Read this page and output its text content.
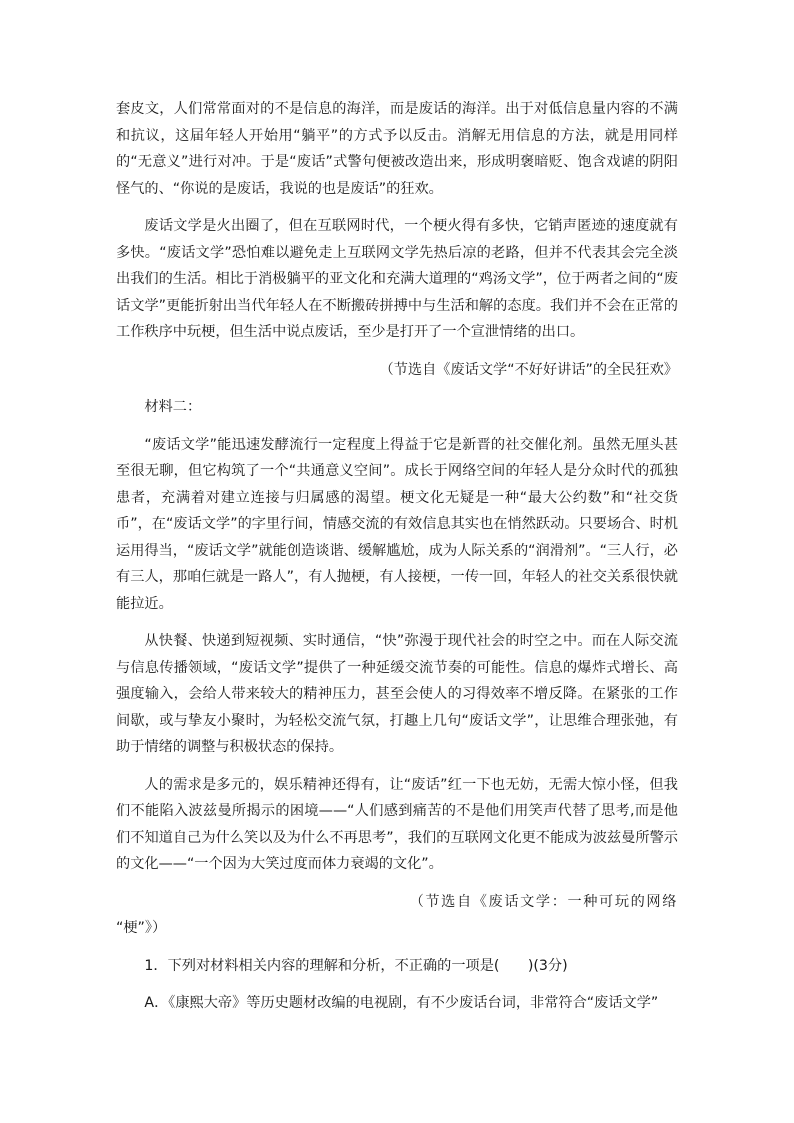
套皮文，人们常常面对的不是信息的海洋，而是废话的海洋。出于对低信息量内容的不满和抗议，这届年轻人开始用“躺平”的方式予以反击。消解无用信息的方法，就是用同样的“无意义”进行对冲。于是“废话”式警句便被改造出来，形成明褒暗贬、饱含戏谑的阴阳怪气的、“你说的是废话，我说的也是废话”的狂欢。

废话文学是火出圈了，但在互联网时代，一个梗火得有多快，它销声匿迹的速度就有多快。“废话文学”恐怕难以避免走上互联网文学先热后凉的老路，但并不代表其会完全淡出我们的生活。相比于消极躺平的亚文化和充满大道理的“鸡汤文学”，位于两者之间的“废话文学”更能折射出当代年轻人在不断搬砖拼搏中与生活和解的态度。我们并不会在正常的工作秩序中玩梗，但生活中说点废话，至少是打开了一个宣泄情绪的出口。

（节选自《废话文学“不好好讲话”的全民狂欢》

材料二：

“废话文学”能迅速发酵流行一定程度上得益于它是新晋的社交催化剂。虽然无厘头甚至很无聊，但它构筑了一个“共通意义空间”。成长于网络空间的年轻人是分众时代的孤独患者，充满着对建立连接与归属感的渴望。梗文化无疑是一种“最大公约数”和“社交货币”，在“废话文学”的字里行间，情感交流的有效信息其实也在悄然跃动。只要场合、时机运用得当，“废话文学”就能创造谈谐、缓解尴尬，成为人际关系的“润滑剂”。“三人行，必有三人，那咱仨就是一路人”，有人抛梗，有人接梗，一传一回，年轻人的社交关系很快就能拉近。

从快餐、快递到短视频、实时通信，“快”弥漫于现代社会的时空之中。而在人际交流与信息传播领域，“废话文学”提供了一种延缓交流节奏的可能性。信息的爆炸式增长、高强度输入，会给人带来较大的精神压力，甚至会使人的习得效率不增反降。在紧张的工作间歇，或与挚友小聚时，为轻松交流气氛，打趣上几句“废话文学”，让思维合理张弛，有助于情绪的调整与积极状态的保持。

人的需求是多元的，娱乐精神还得有，让“废话”红一下也无妨，无需大惊小怪，但我们不能陷入波兹曼所揭示的困境——“人们感到痛苦的不是他们用笑声代替了思考,而是他们不知道自己为什么笑以及为什么不再思考”，我们的互联网文化更不能成为波兹曼所警示的文化——“一个因为大笑过度而体力衰竭的文化”。

（节选自《废话文学：一种可玩的网络
“梗”》）

1．下列对材料相关内容的理解和分析，不正确的一项是(　　)(3分)

A．《康熙大帝》等历史题材改编的电视剧，有不少废话台词，非常符合“废话文学”
